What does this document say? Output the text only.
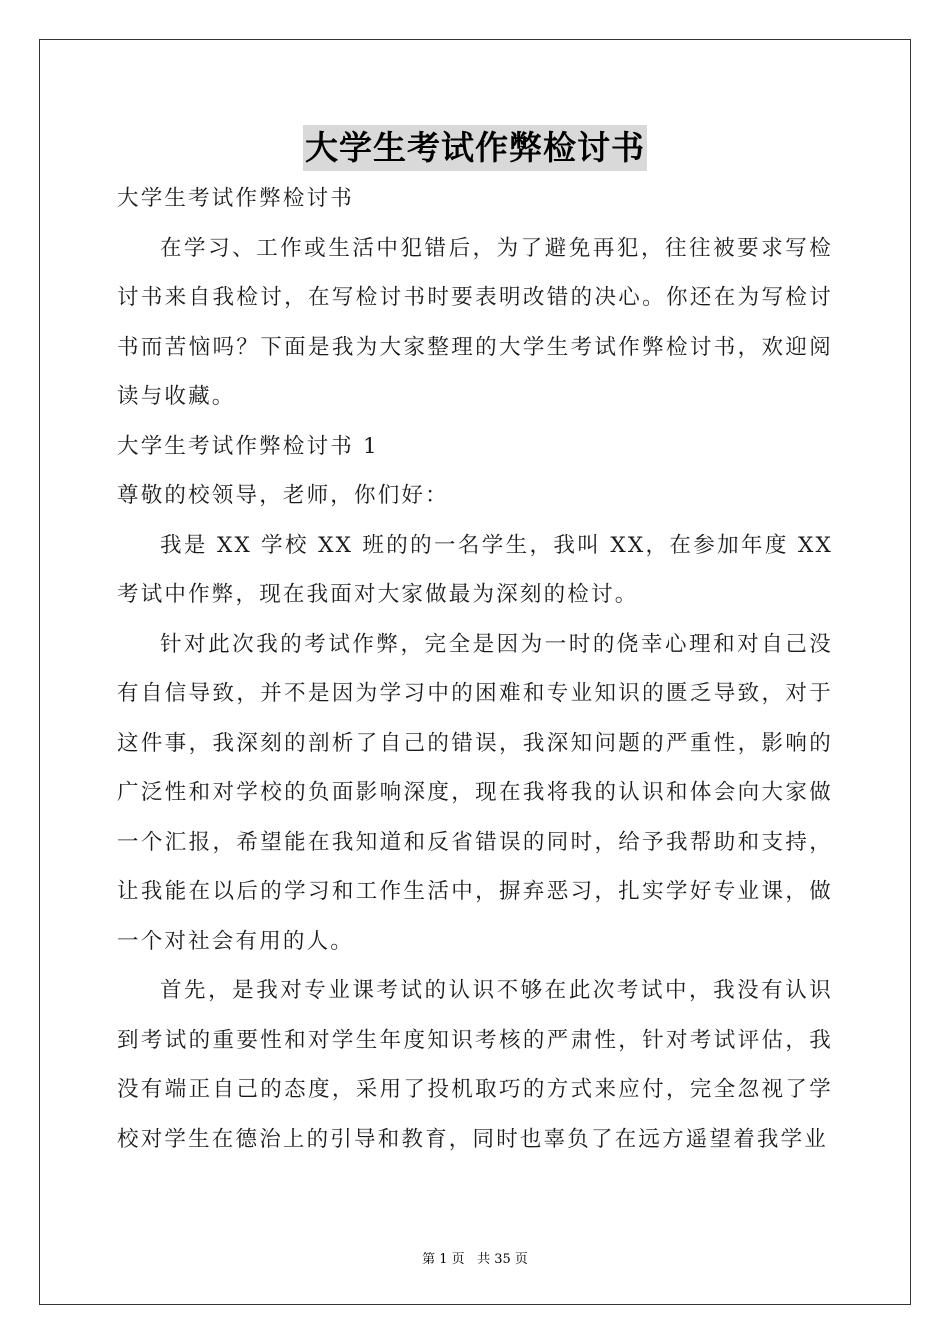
大学生考试作弊检讨书

大学生考试作弊检讨书

在学习、工作或生活中犯错后，为了避免再犯，往往被要求写检讨书来自我检讨，在写检讨书时要表明改错的决心。你还在为写检讨书而苦恼吗？下面是我为大家整理的大学生考试作弊检讨书，欢迎阅读与收藏。

大学生考试作弊检讨书 1

尊敬的校领导，老师，你们好：

我是 XX 学校 XX 班的的一名学生，我叫 XX，在参加年度 XX 考试中作弊，现在我面对大家做最为深刻的检讨。

针对此次我的考试作弊，完全是因为一时的侥幸心理和对自己没有自信导致，并不是因为学习中的困难和专业知识的匮乏导致，对于这件事，我深刻的剖析了自己的错误，我深知问题的严重性，影响的广泛性和对学校的负面影响深度，现在我将我的认识和体会向大家做一个汇报，希望能在我知道和反省错误的同时，给予我帮助和支持，让我能在以后的学习和工作生活中，摒弃恶习，扎实学好专业课，做一个对社会有用的人。

首先，是我对专业课考试的认识不够在此次考试中，我没有认识到考试的重要性和对学生年度知识考核的严肃性，针对考试评估，我没有端正自己的态度，采用了投机取巧的方式来应付，完全忽视了学校对学生在德治上的引导和教育，同时也辜负了在远方遥望着我学业

第 1 页 共 35 页
